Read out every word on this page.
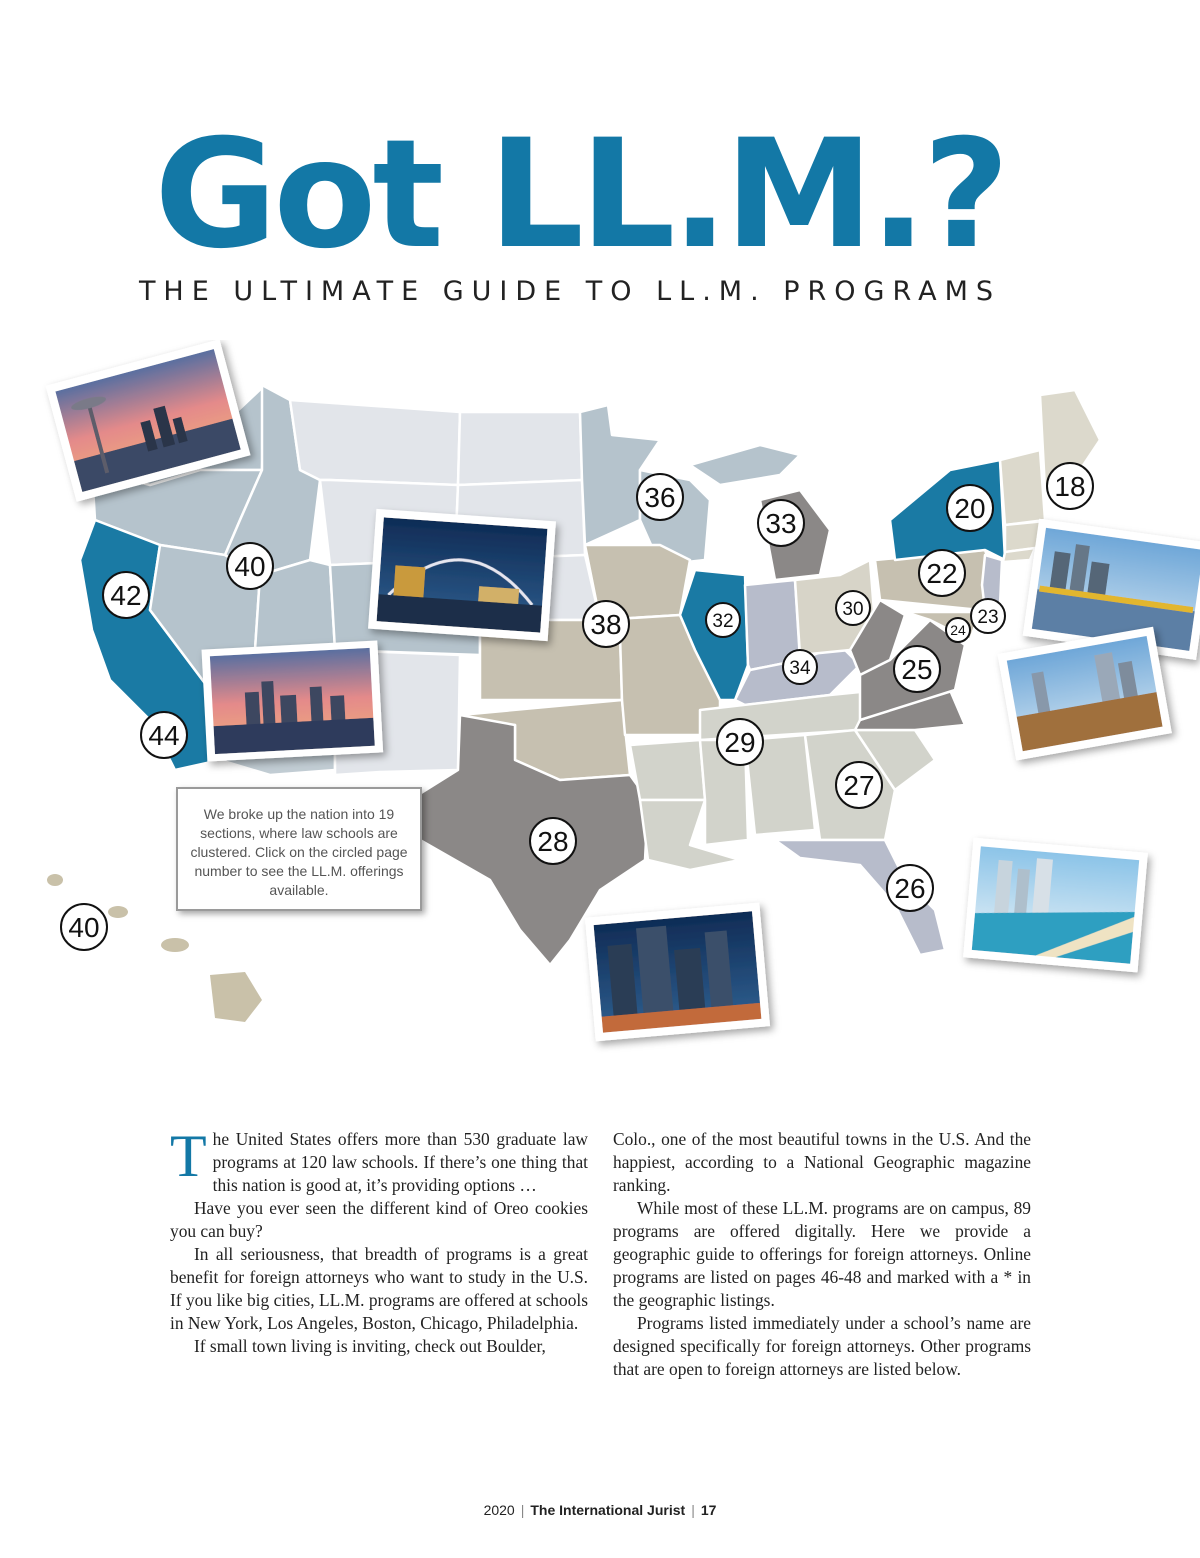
Got LL.M.?
THE ULTIMATE GUIDE TO LL.M. PROGRAMS
42
40
44
40
36
38
28
33
32
34
29
30
27
26
20
18
22
23
24
25
We broke up the nation into 19 sections, where law schools are clustered. Click on the circled page number to see the LL.M. offerings available.

The United States offers more than 530 graduate law programs at 120 law schools. If there’s one thing that this nation is good at, it’s providing options …

Have you ever seen the different kind of Oreo cookies you can buy?

In all seriousness, that breadth of programs is a great benefit for foreign attorneys who want to study in the U.S. If you like big cities, LL.M. programs are offered at schools in New York, Los Angeles, Boston, Chicago, Philadelphia.

If small town living is inviting, check out Boulder,

Colo., one of the most beautiful towns in the U.S. And the happiest, according to a National Geographic magazine ranking.

While most of these LL.M. programs are on campus, 89 programs are offered digitally. Here we provide a geographic guide to offerings for foreign attorneys. Online programs are listed on pages 46-48 and marked with a * in the geographic listings.

Programs listed immediately under a school’s name are designed specifically for foreign attorneys. Other programs that are open to foreign attorneys are listed below.

2020 | The International Jurist | 17
